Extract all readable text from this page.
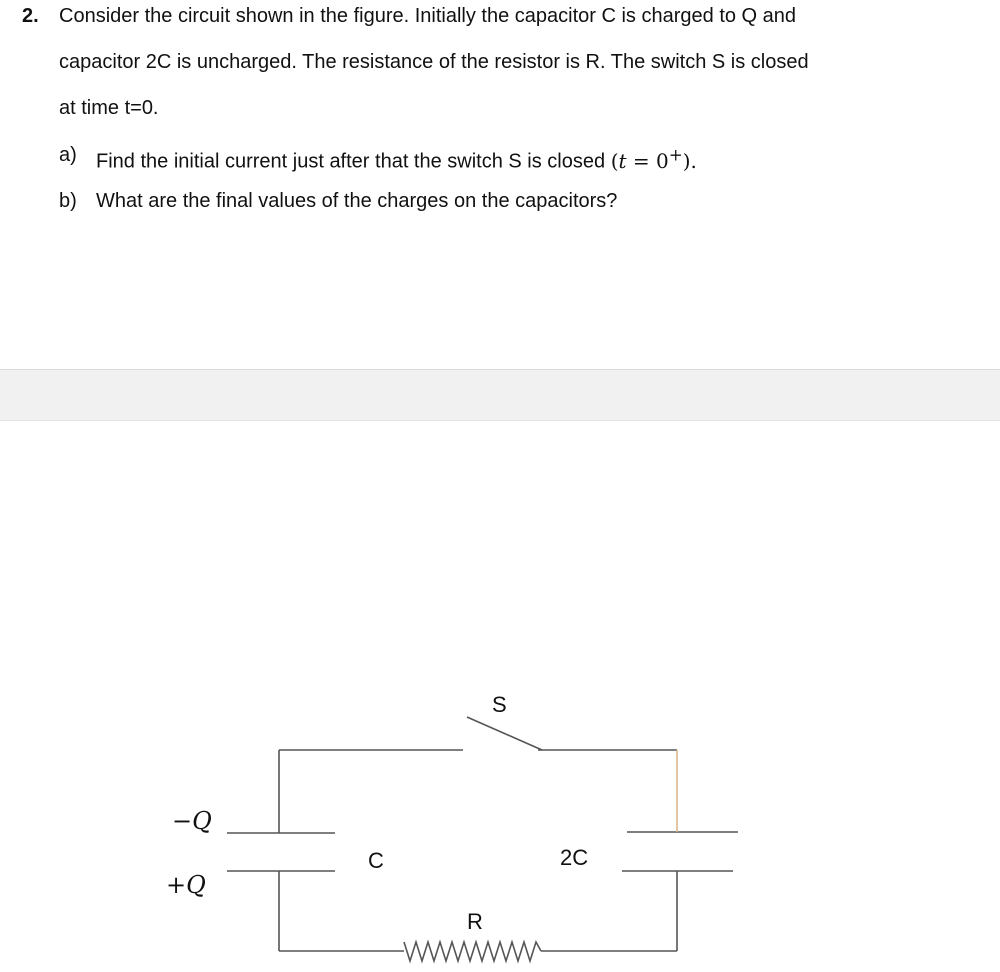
2. Consider the circuit shown in the figure. Initially the capacitor C is charged to Q and
capacitor 2C is uncharged. The resistance of the resistor is R. The switch S is closed
at time t=0.
a) Find the initial current just after that the switch S is closed (t = 0+).
b) What are the final values of the charges on the capacitors?
S
C	2C
R
−Q
+Q
